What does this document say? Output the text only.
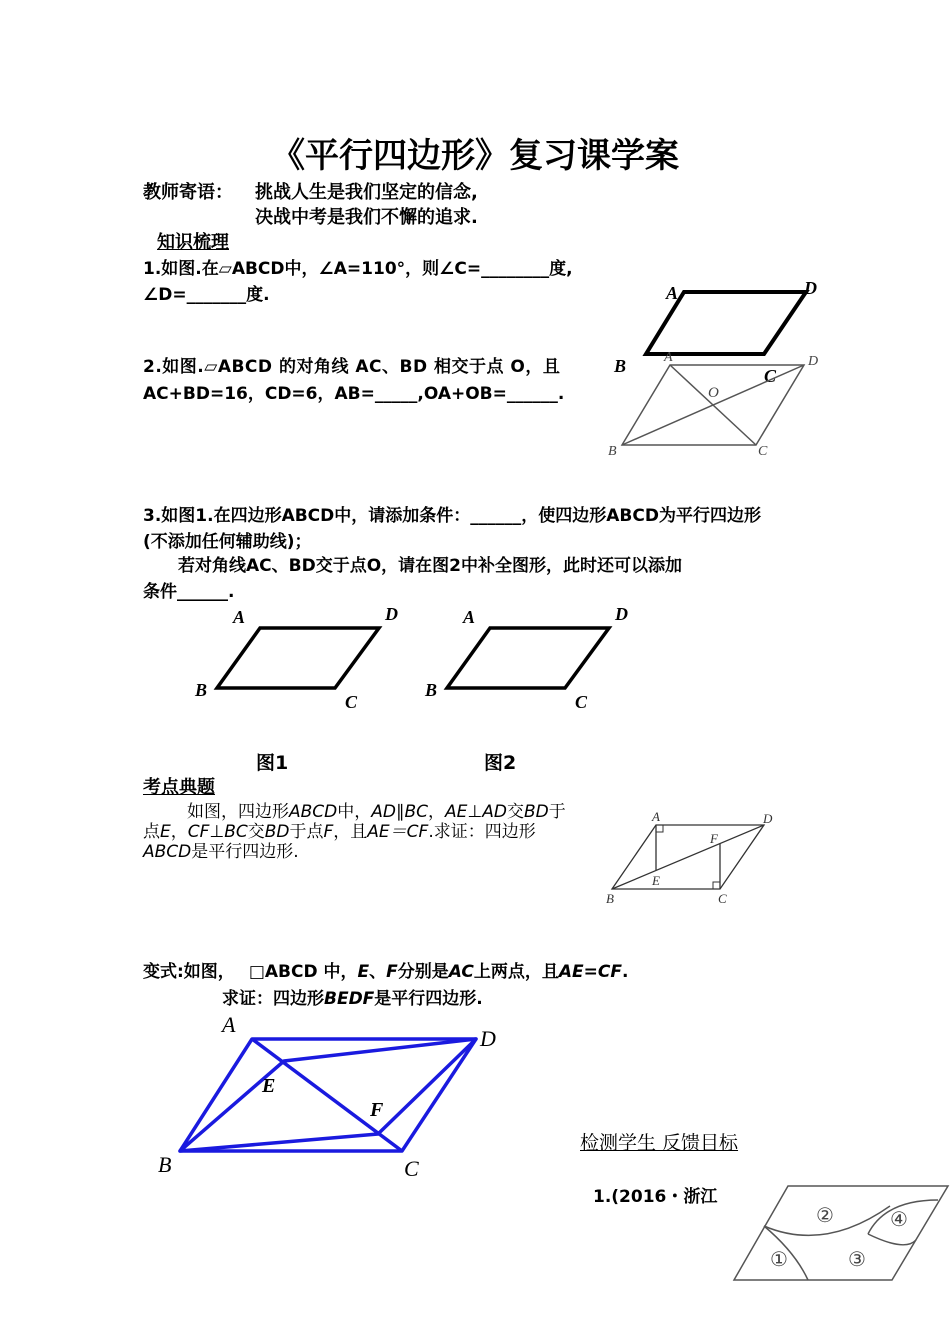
《平行四边形》复习课学案
教师寄语： 挑战人生是我们坚定的信念,
决战中考是我们不懈的追求.
知识梳理
1.如图.在▱ABCD中，∠A=110°，则∠C=________度,
∠D=_______度.	A	D
B	C
2.如图.▱ABCD 的对角线 AC、BD 相交于点 O，且
AC+BD=16，CD=6，AB=_____,OA+OB=______.
A	D
B	C
O
3.如图1.在四边形ABCD中，请添加条件：______，使四边形ABCD为平行四边形
(不添加任何辅助线)；
若对角线AC、BD交于点O，请在图2中补全图形，此时还可以添加
条件______.
A	D
B
C
A	D
B
C
图1	图2
考点典题
如图，四边形ABCD中，AD∥BC，AE⊥AD交BD于
点E，CF⊥BC交BD于点F，且AE＝CF.求证：四边形
ABCD是平行四边形.
A	D
B	C
E
F
变式:如图， □ABCD 中，E、F分别是AC上两点，且AE=CF.
求证：四边形BEDF是平行四边形.
A
D
B	C
E
F
检测学生 反馈目标
1.(2016・浙江
②	④
①	③
